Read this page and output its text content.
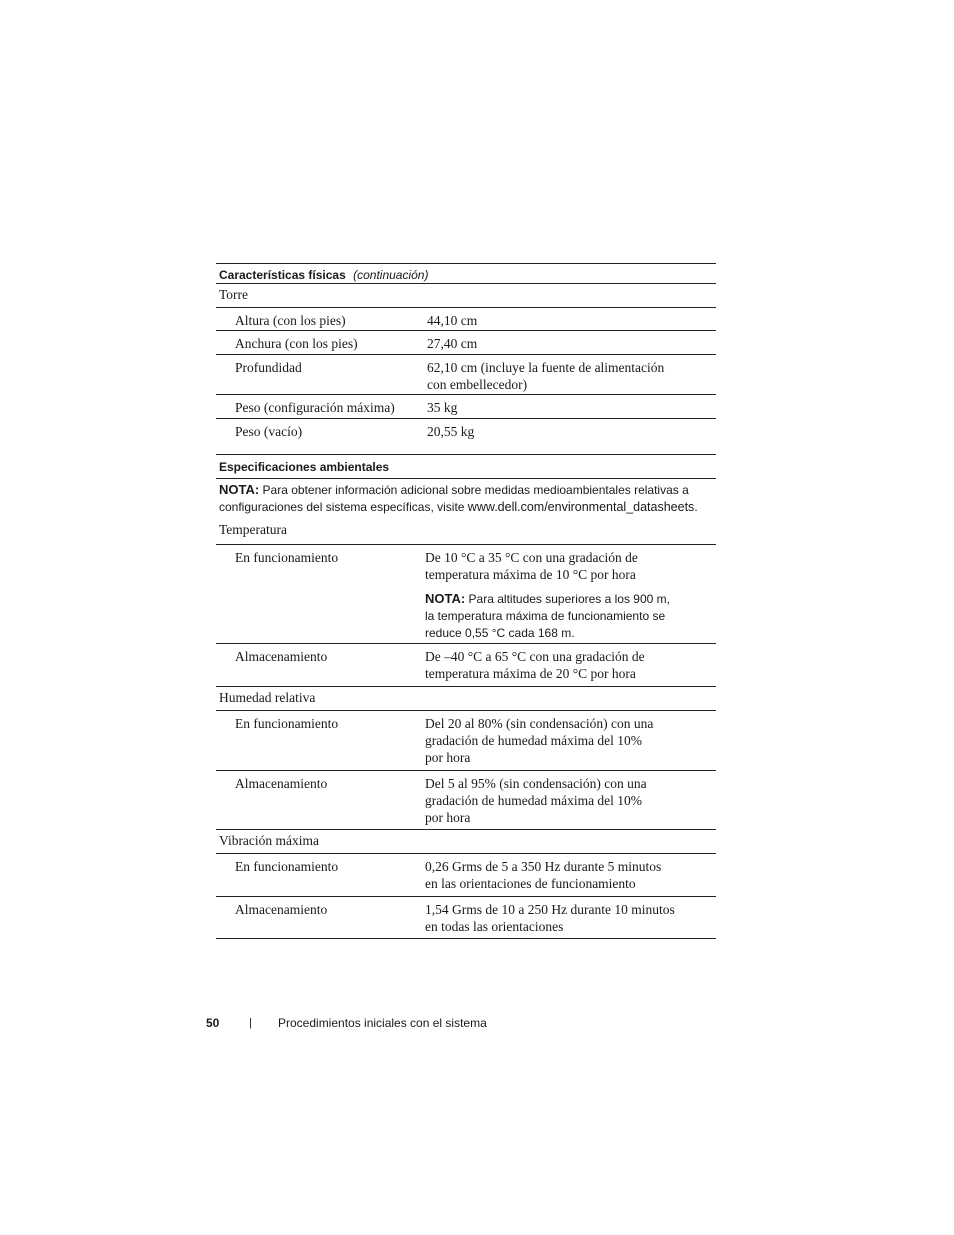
Características físicas (continuación)
Torre
Altura (con los pies)	44,10 cm
Anchura (con los pies)	27,40 cm
Profundidad	62,10 cm (incluye la fuente de alimentación
con embellecedor)
Peso (configuración máxima)	35 kg
Peso (vacío)	20,55 kg
Especificaciones ambientales
NOTA: Para obtener información adicional sobre medidas medioambientales relativas a
configuraciones del sistema específicas, visite www.dell.com/environmental_datasheets.
Temperatura
En funcionamiento	De 10 °C a 35 °C con una gradación de
temperatura máxima de 10 °C por hora
NOTA: Para altitudes superiores a los 900 m,
la temperatura máxima de funcionamiento se
reduce 0,55 °C cada 168 m.
Almacenamiento	De –40 °C a 65 °C con una gradación de
temperatura máxima de 20 °C por hora
Humedad relativa
En funcionamiento	Del 20 al 80% (sin condensación) con una
gradación de humedad máxima del 10%
por hora
Almacenamiento	Del 5 al 95% (sin condensación) con una
gradación de humedad máxima del 10%
por hora
Vibración máxima
En funcionamiento	0,26 Grms de 5 a 350 Hz durante 5 minutos
en las orientaciones de funcionamiento
Almacenamiento	1,54 Grms de 10 a 250 Hz durante 10 minutos
en todas las orientaciones
50	| Procedimientos iniciales con el sistema
